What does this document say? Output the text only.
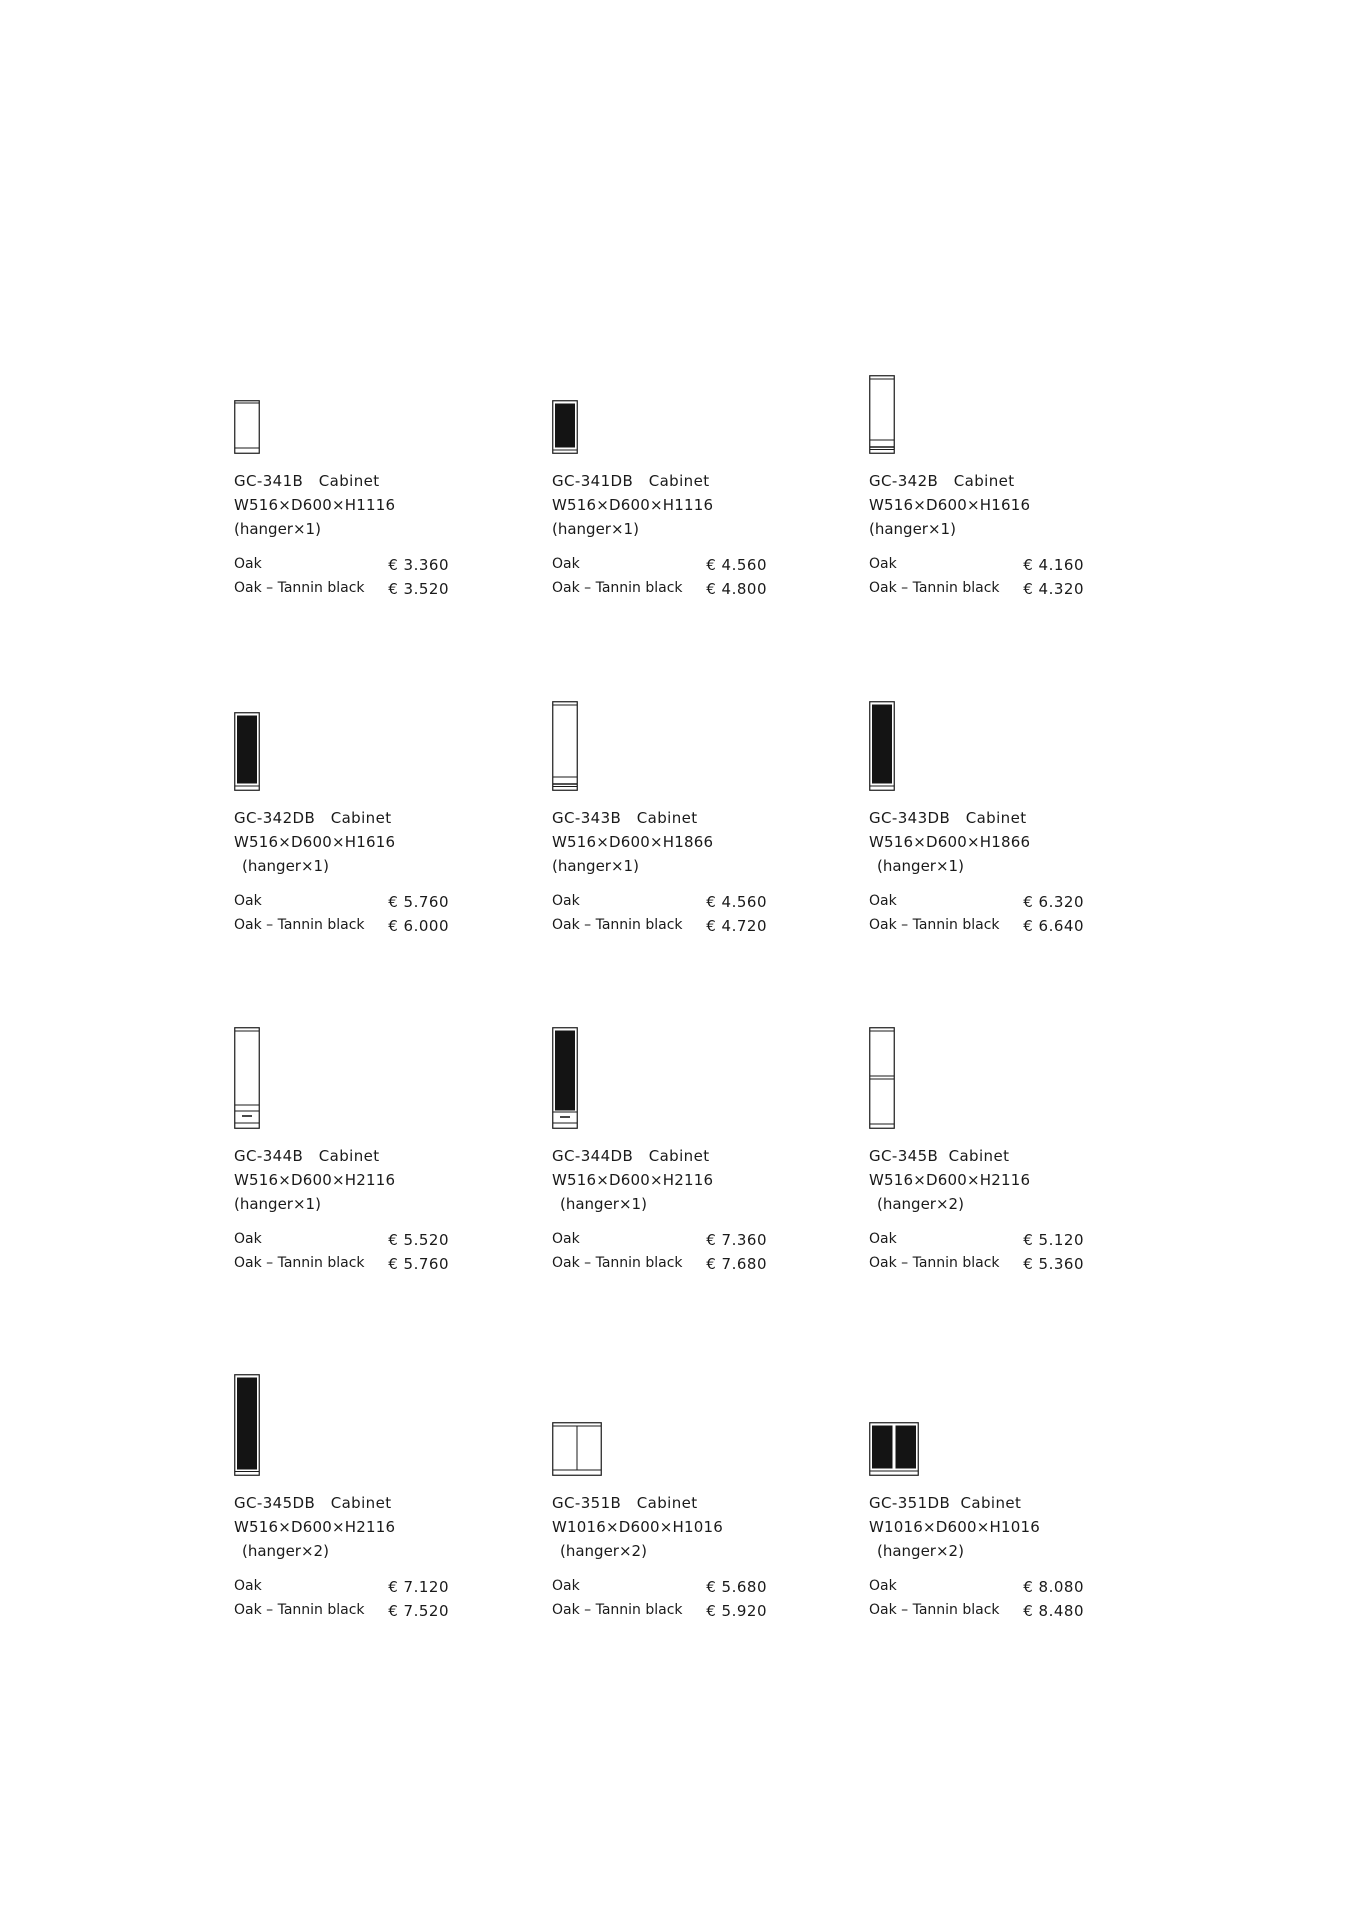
GC-341B Cabinet
W516×D600×H1116
(hanger×1)
Oak	€ 3.360
Oak – Tannin black € 3.520
GC-341DB Cabinet
W516×D600×H1116
(hanger×1)
Oak	€ 4.560
Oak – Tannin black € 4.800
GC-342B Cabinet
W516×D600×H1616
(hanger×1)
Oak	€ 4.160
Oak – Tannin black € 4.320
GC-342DB Cabinet
W516×D600×H1616
(hanger×1)
Oak	€ 5.760
Oak – Tannin black € 6.000
GC-343B Cabinet
W516×D600×H1866
(hanger×1)
Oak	€ 4.560
Oak – Tannin black € 4.720
GC-343DB Cabinet
W516×D600×H1866
(hanger×1)
Oak	€ 6.320
Oak – Tannin black € 6.640
GC-344B Cabinet
W516×D600×H2116
(hanger×1)
Oak	€ 5.520
Oak – Tannin black € 5.760
GC-344DB Cabinet
W516×D600×H2116
(hanger×1)
Oak	€ 7.360
Oak – Tannin black € 7.680
GC-345B Cabinet
W516×D600×H2116
(hanger×2)
Oak	€ 5.120
Oak – Tannin black € 5.360
GC-345DB Cabinet
W516×D600×H2116
(hanger×2)
Oak	€ 7.120
Oak – Tannin black € 7.520
GC-351B Cabinet
W1016×D600×H1016
(hanger×2)
Oak	€ 5.680
Oak – Tannin black € 5.920
GC-351DB Cabinet
W1016×D600×H1016
(hanger×2)
Oak	€ 8.080
Oak – Tannin black € 8.480
